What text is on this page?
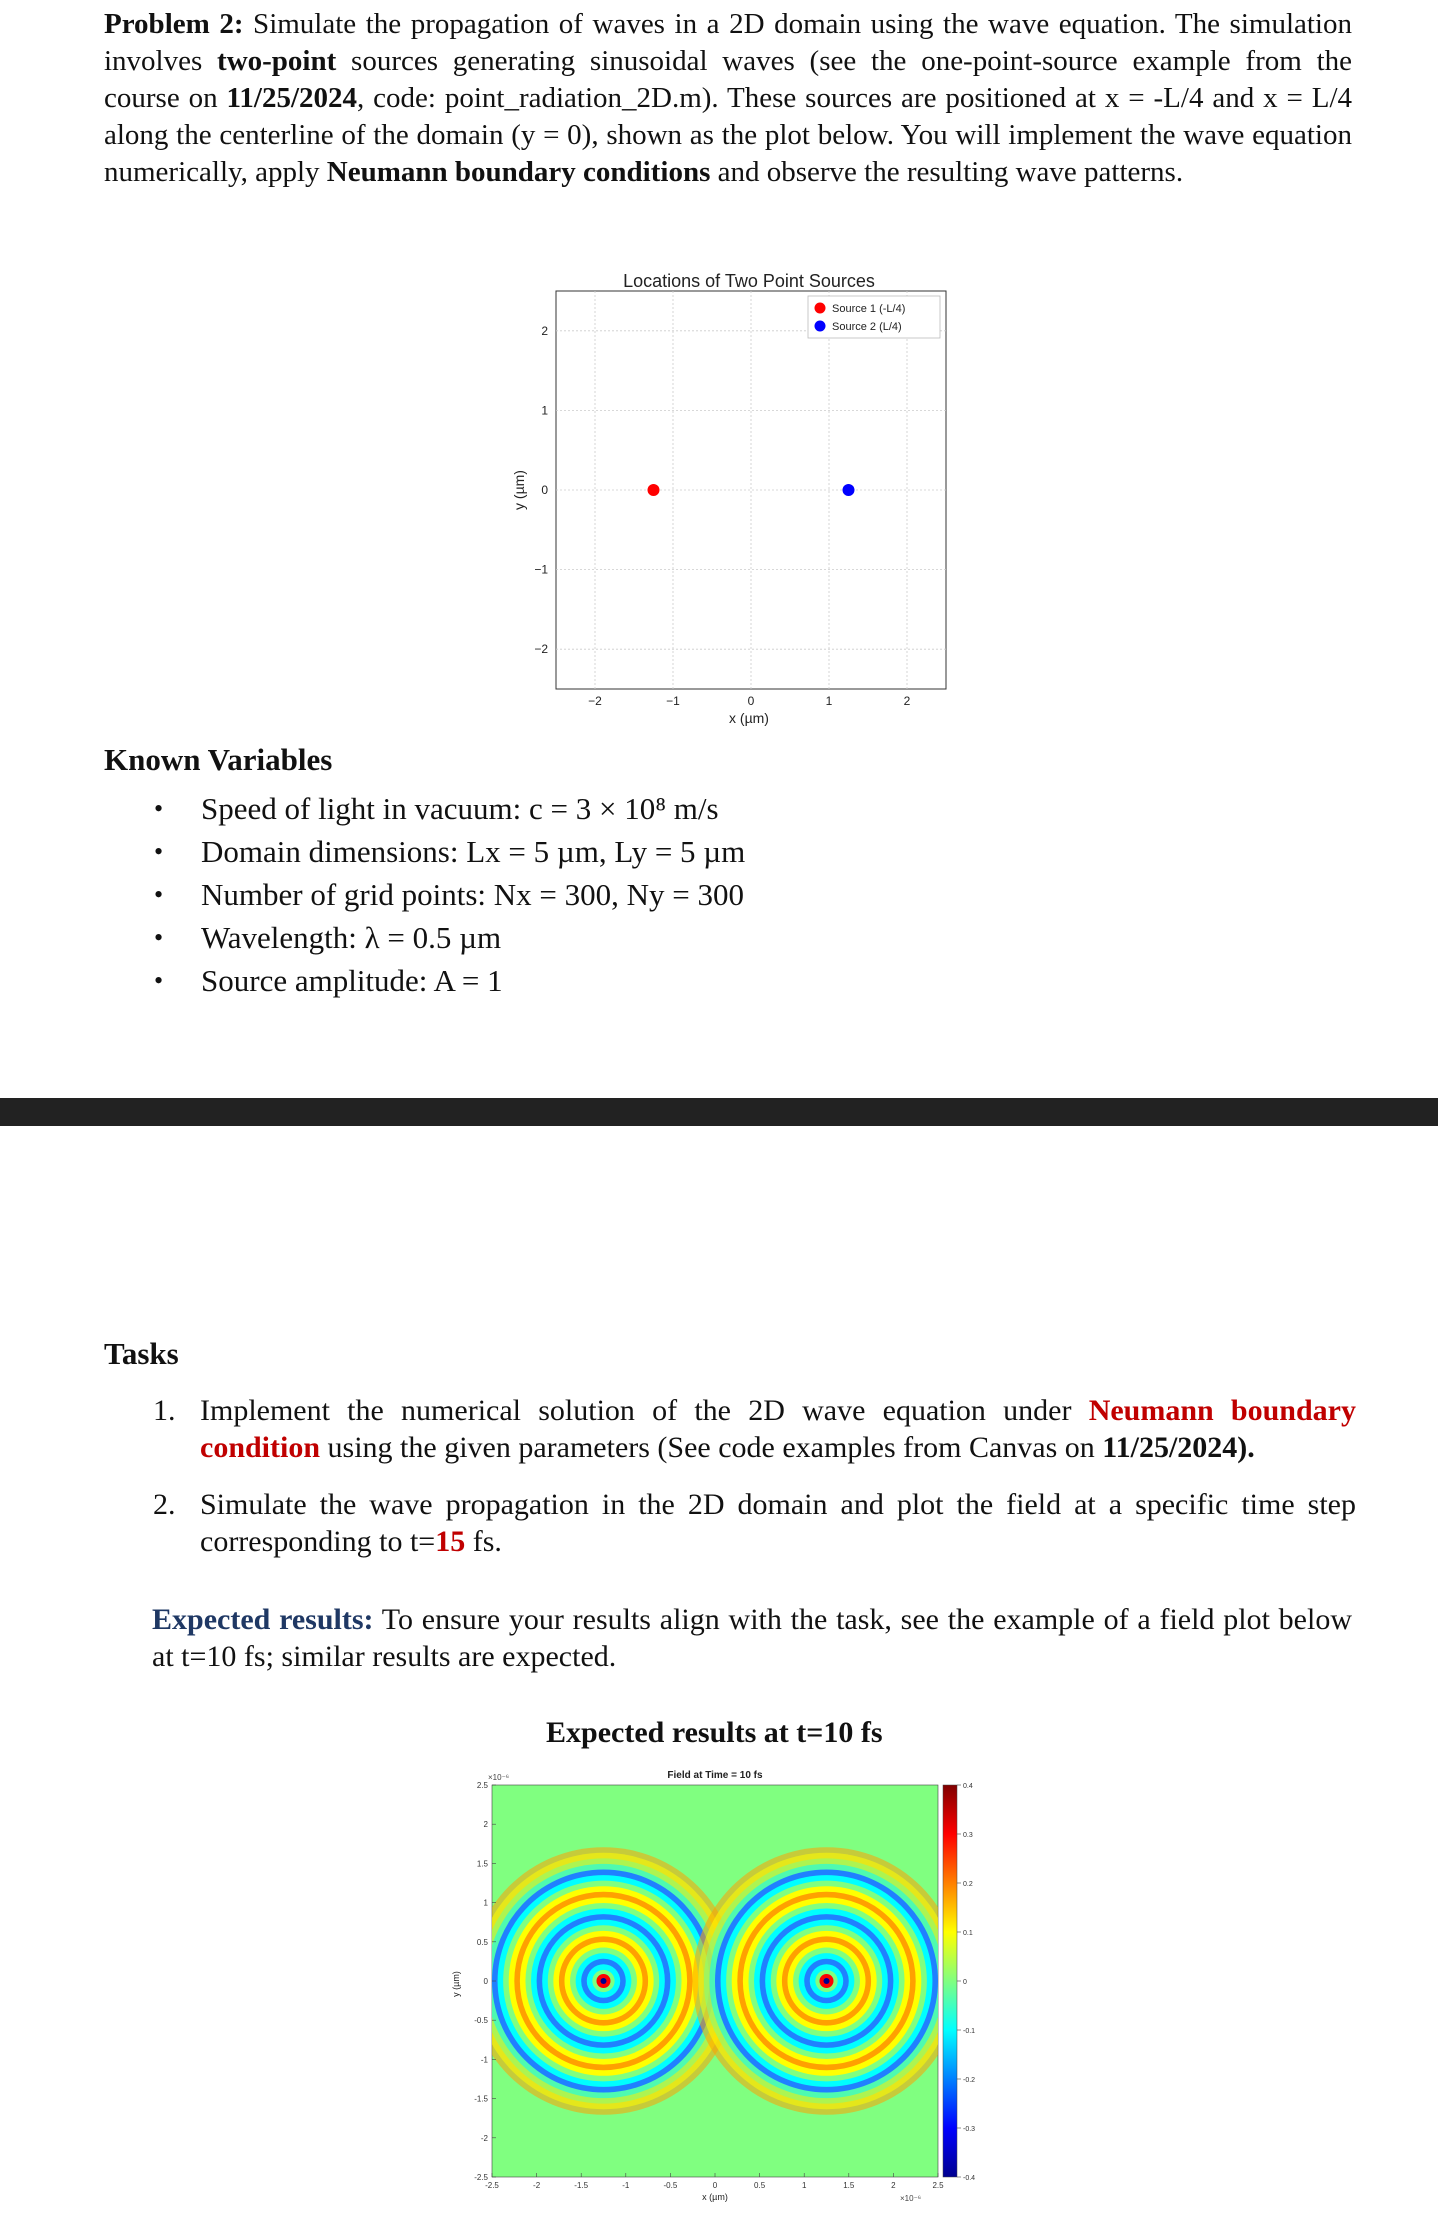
Problem 2: Simulate the propagation of waves in a 2D domain using the wave equation. The simulation involves two-point sources generating sinusoidal waves (see the one-point-source example from the course on 11/25/2024, code: point_radiation_2D.m). These sources are positioned at x = -L/4 and x = L/4 along the centerline of the domain (y = 0), shown as the plot below. You will implement the wave equation numerically, apply Neumann boundary conditions and observe the resulting wave patterns.
Locations of Two Point Sources
−2	−1	0	1	2
2
1
0
−1
−2
x (µm)
y (µm)
Source 1 (-L/4)
Source 2 (L/4)
Known Variables
• Speed of light in vacuum: c = 3 × 10⁸ m/s
• Domain dimensions: Lx = 5 µm, Ly = 5 µm
• Number of grid points: Nx = 300, Ny = 300
• Wavelength: λ = 0.5 µm
• Source amplitude: A = 1
Tasks
1. Implement the numerical solution of the 2D wave equation under Neumann boundary condition using the given parameters (See code examples from Canvas on 11/25/2024).
2. Simulate the wave propagation in the 2D domain and plot the field at a specific time step corresponding to t=15 fs.
Expected results: To ensure your results align with the task, see the example of a field plot below at t=10 fs; similar results are expected.
Expected results at t=10 fs
Field at Time = 10 fs
×10⁻⁶
-2.5	-2	-1.5	-1	-0.5	0	0.5	1	1.5	2	2.5
2.5
2
1.5
1
0.5
0
-0.5
-1
-1.5
-2
-2.5
x (µm)
y (µm)
×10⁻⁶
0.4
0.3
0.2
0.1
0
-0.1
-0.2
-0.3
-0.4
